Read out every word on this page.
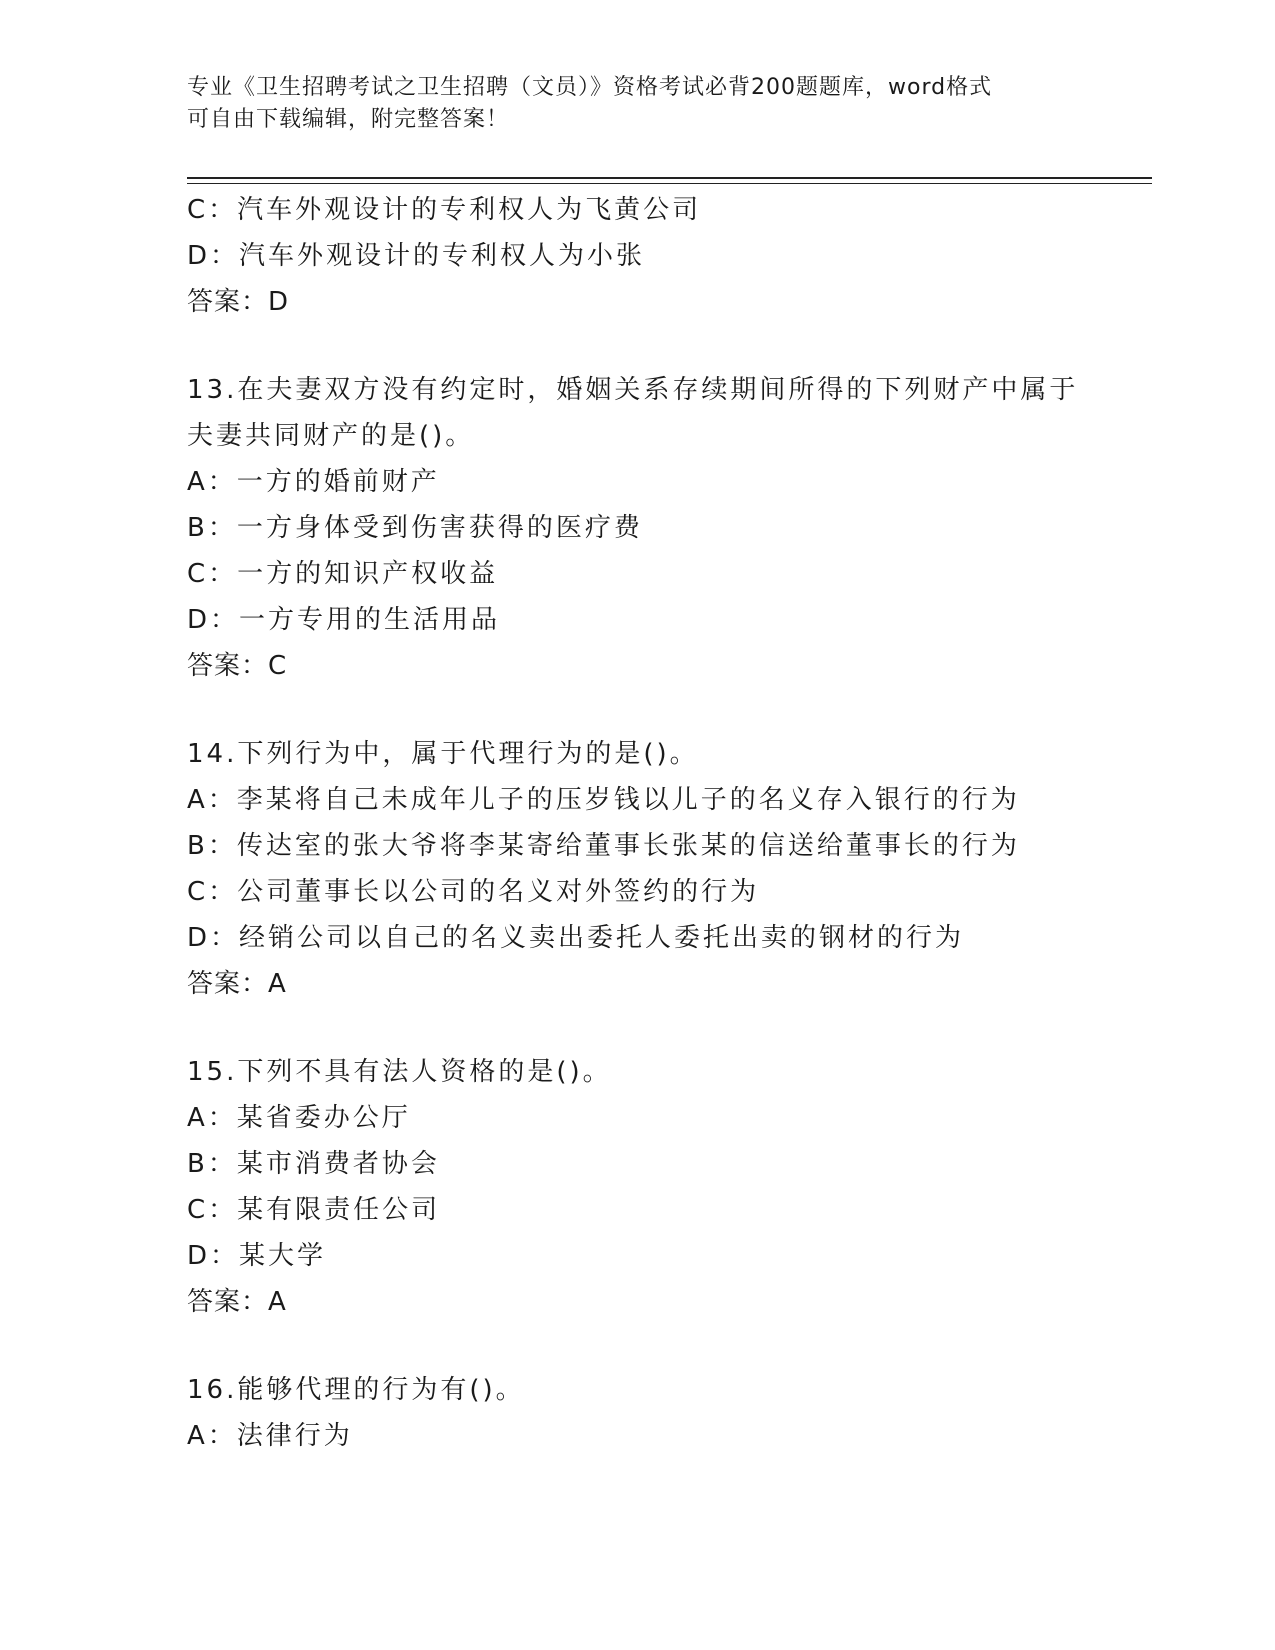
专业《卫生招聘考试之卫生招聘（文员）》资格考试必背200题题库，word格式
可自由下载编辑，附完整答案！
C：汽车外观设计的专利权人为飞黄公司
D：汽车外观设计的专利权人为小张
答案：D
13.在夫妻双方没有约定时，婚姻关系存续期间所得的下列财产中属于
夫妻共同财产的是()。
A：一方的婚前财产
B：一方身体受到伤害获得的医疗费
C：一方的知识产权收益
D：一方专用的生活用品
答案：C
14.下列行为中，属于代理行为的是()。
A：李某将自己未成年儿子的压岁钱以儿子的名义存入银行的行为
B：传达室的张大爷将李某寄给董事长张某的信送给董事长的行为
C：公司董事长以公司的名义对外签约的行为
D：经销公司以自己的名义卖出委托人委托出卖的钢材的行为
答案：A
15.下列不具有法人资格的是()。
A：某省委办公厅
B：某市消费者协会
C：某有限责任公司
D：某大学
答案：A
16.能够代理的行为有()。
A：法律行为
